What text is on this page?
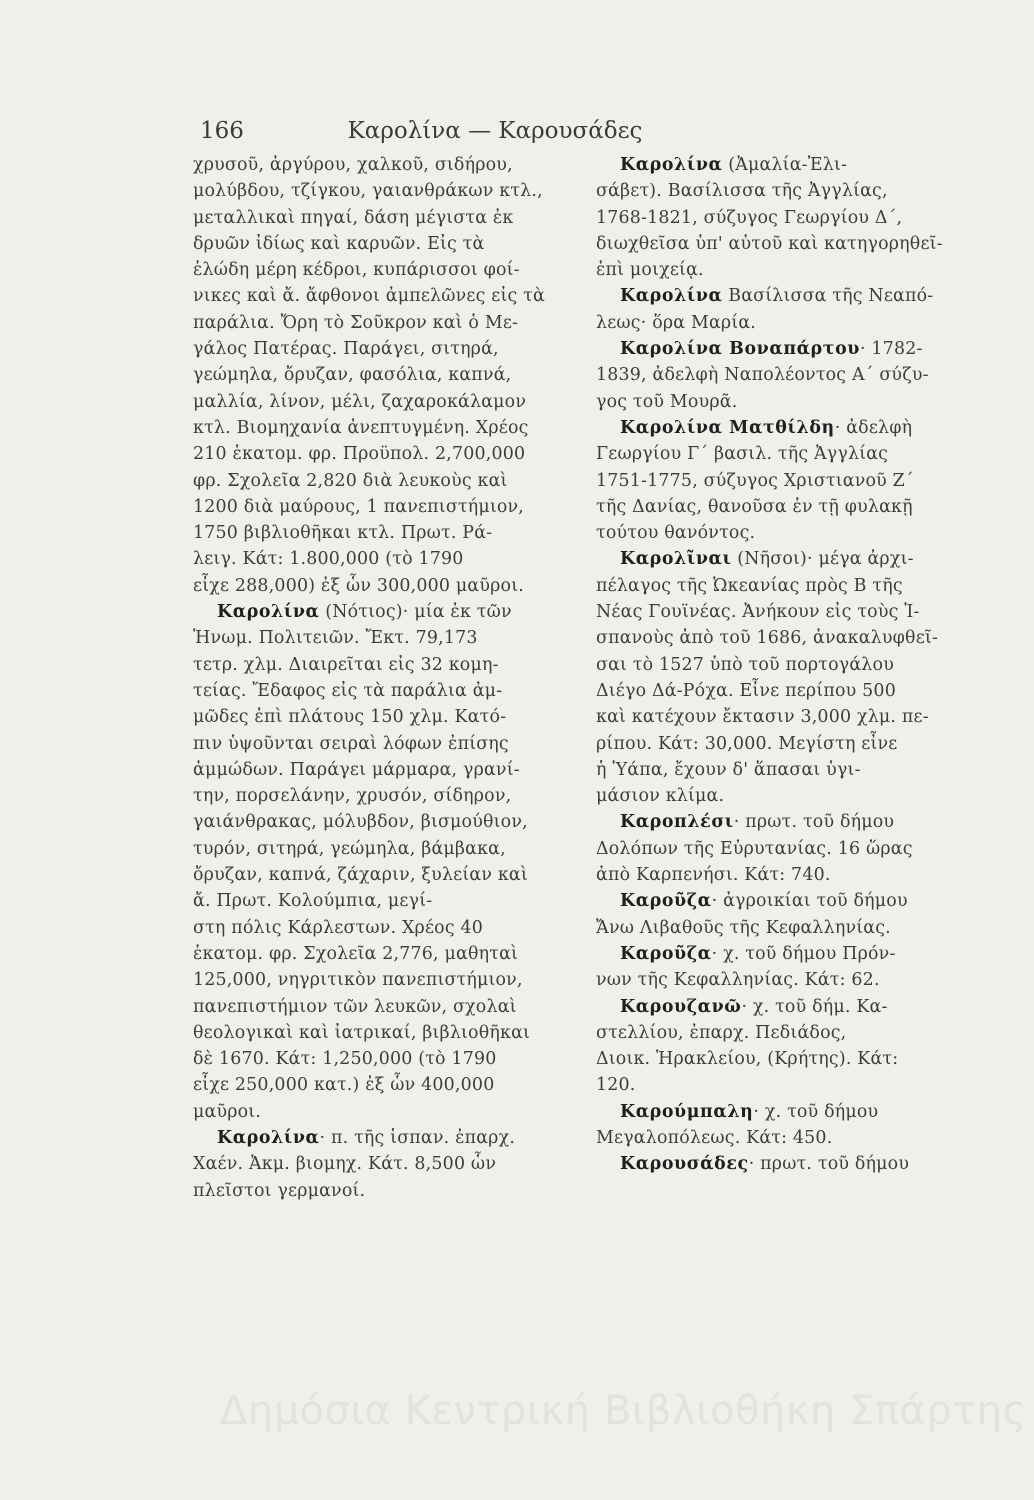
166	Καρολίνα — Καρουσάδες
χρυσοῦ, ἀργύρου, χαλκοῦ, σιδήρου,
μολύβδου, τζίγκου, γαιανθράκων κτλ.,
μεταλλικαὶ πηγαί, δάση μέγιστα ἐκ
δρυῶν ἰδίως καὶ καρυῶν. Εἰς τὰ
ἑλώδη μέρη κέδροι, κυπάρισσοι φοί-
νικες καὶ ἄ. ἄφθονοι ἀμπελῶνες εἰς τὰ
παράλια. Ὄρη τὸ Σοῦκρον καὶ ὁ Με-
γάλος Πατέρας. Παράγει, σιτηρά,
γεώμηλα, ὄρυζαν, φασόλια, καπνά,
μαλλία, λίνον, μέλι, ζαχαροκάλαμον
κτλ. Βιομηχανία ἀνεπτυγμένη. Χρέος
210 ἑκατομ. φρ. Προϋπολ. 2,700,000
φρ. Σχολεῖα 2,820 διὰ λευκοὺς καὶ
1200 διὰ μαύρους, 1 πανεπιστήμιον,
1750 βιβλιοθῆκαι κτλ. Πρωτ. Ρά-
λειγ. Κάτ: 1.800,000 (τὸ 1790
εἶχε 288,000) ἐξ ὧν 300,000 μαῦροι.
Καρολίνα (Νότιος)· μία ἐκ τῶν
Ἡνωμ. Πολιτειῶν. Ἔκτ. 79,173
τετρ. χλμ. Διαιρεῖται εἰς 32 κομη-
τείας. Ἔδαφος εἰς τὰ παράλια ἀμ-
μῶδες ἐπὶ πλάτους 150 χλμ. Κατό-
πιν ὑψοῦνται σειραὶ λόφων ἐπίσης
ἀμμώδων. Παράγει μάρμαρα, γρανί-
την, πορσελάνην, χρυσόν, σίδηρον,
γαιάνθρακας, μόλυβδον, βισμούθιον,
τυρόν, σιτηρά, γεώμηλα, βάμβακα,
ὄρυζαν, καπνά, ζάχαριν, ξυλείαν καὶ
ἄ. Πρωτ. Κολούμπια, μεγί-
στη πόλις Κάρλεστων. Χρέος 40
ἑκατομ. φρ. Σχολεῖα 2,776, μαθηταὶ
125,000, νηγριτικὸν πανεπιστήμιον,
πανεπιστήμιον τῶν λευκῶν, σχολαὶ
θεολογικαὶ καὶ ἰατρικαί, βιβλιοθῆκαι
δὲ 1670. Κάτ: 1,250,000 (τὸ 1790
εἶχε 250,000 κατ.) ἐξ ὧν 400,000
μαῦροι.
Καρολίνα· π. τῆς ἱσπαν. ἐπαρχ.
Χαέν. Ἀκμ. βιομηχ. Κάτ. 8,500 ὧν
πλεῖστοι γερμανοί.
Καρολίνα (Ἀμαλία-Ἐλι-
σάβετ). Βασίλισσα τῆς Ἀγγλίας,
1768-1821, σύζυγος Γεωργίου Δ΄,
διωχθεῖσα ὑπ' αὐτοῦ καὶ κατηγορηθεῖ-
ἐπὶ μοιχείᾳ.
Καρολίνα Βασίλισσα τῆς Νεαπό-
λεως· ὅρα Μαρία.
Καρολίνα Βοναπάρτου· 1782-
1839, ἀδελφὴ Ναπολέοντος Α΄ σύζυ-
γος τοῦ Μουρᾶ.
Καρολίνα Ματθίλδη· ἀδελφὴ
Γεωργίου Γ΄ βασιλ. τῆς Ἀγγλίας
1751-1775, σύζυγος Χριστιανοῦ Ζ΄
τῆς Δανίας, θανοῦσα ἐν τῇ φυλακῇ
τούτου θανόντος.
Καρολῖναι (Νῆσοι)· μέγα ἀρχι-
πέλαγος τῆς Ὠκεανίας πρὸς Β τῆς
Νέας Γουϊνέας. Ἀνήκουν εἰς τοὺς Ἰ-
σπανοὺς ἀπὸ τοῦ 1686, ἀνακαλυφθεῖ-
σαι τὸ 1527 ὑπὸ τοῦ πορτογάλου
Διέγο Δά-Ρόχα. Εἶνε περίπου 500
καὶ κατέχουν ἔκτασιν 3,000 χλμ. πε-
ρίπου. Κάτ: 30,000. Μεγίστη εἶνε
ἡ Ὑάπα, ἔχουν δ' ἅπασαι ὑγι-
μάσιον κλίμα.
Καροπλέσι· πρωτ. τοῦ δήμου
Δολόπων τῆς Εὐρυτανίας. 16 ὥρας
ἀπὸ Καρπενήσι. Κάτ: 740.
Καροῦζα· ἀγροικίαι τοῦ δήμου
Ἄνω Λιβαθοῦς τῆς Κεφαλληνίας.
Καροῦζα· χ. τοῦ δήμου Πρόν-
νων τῆς Κεφαλληνίας. Κάτ: 62.
Καρουζανῶ· χ. τοῦ δήμ. Κα-
στελλίου, ἐπαρχ. Πεδιάδος,
Διοικ. Ἡρακλείου, (Κρήτης). Κάτ:
120.
Καρούμπαλη· χ. τοῦ δήμου
Μεγαλοπόλεως. Κάτ: 450.
Καρουσάδες· πρωτ. τοῦ δήμου
Δημόσια Κεντρική Βιβλιοθήκη Σπάρτης
